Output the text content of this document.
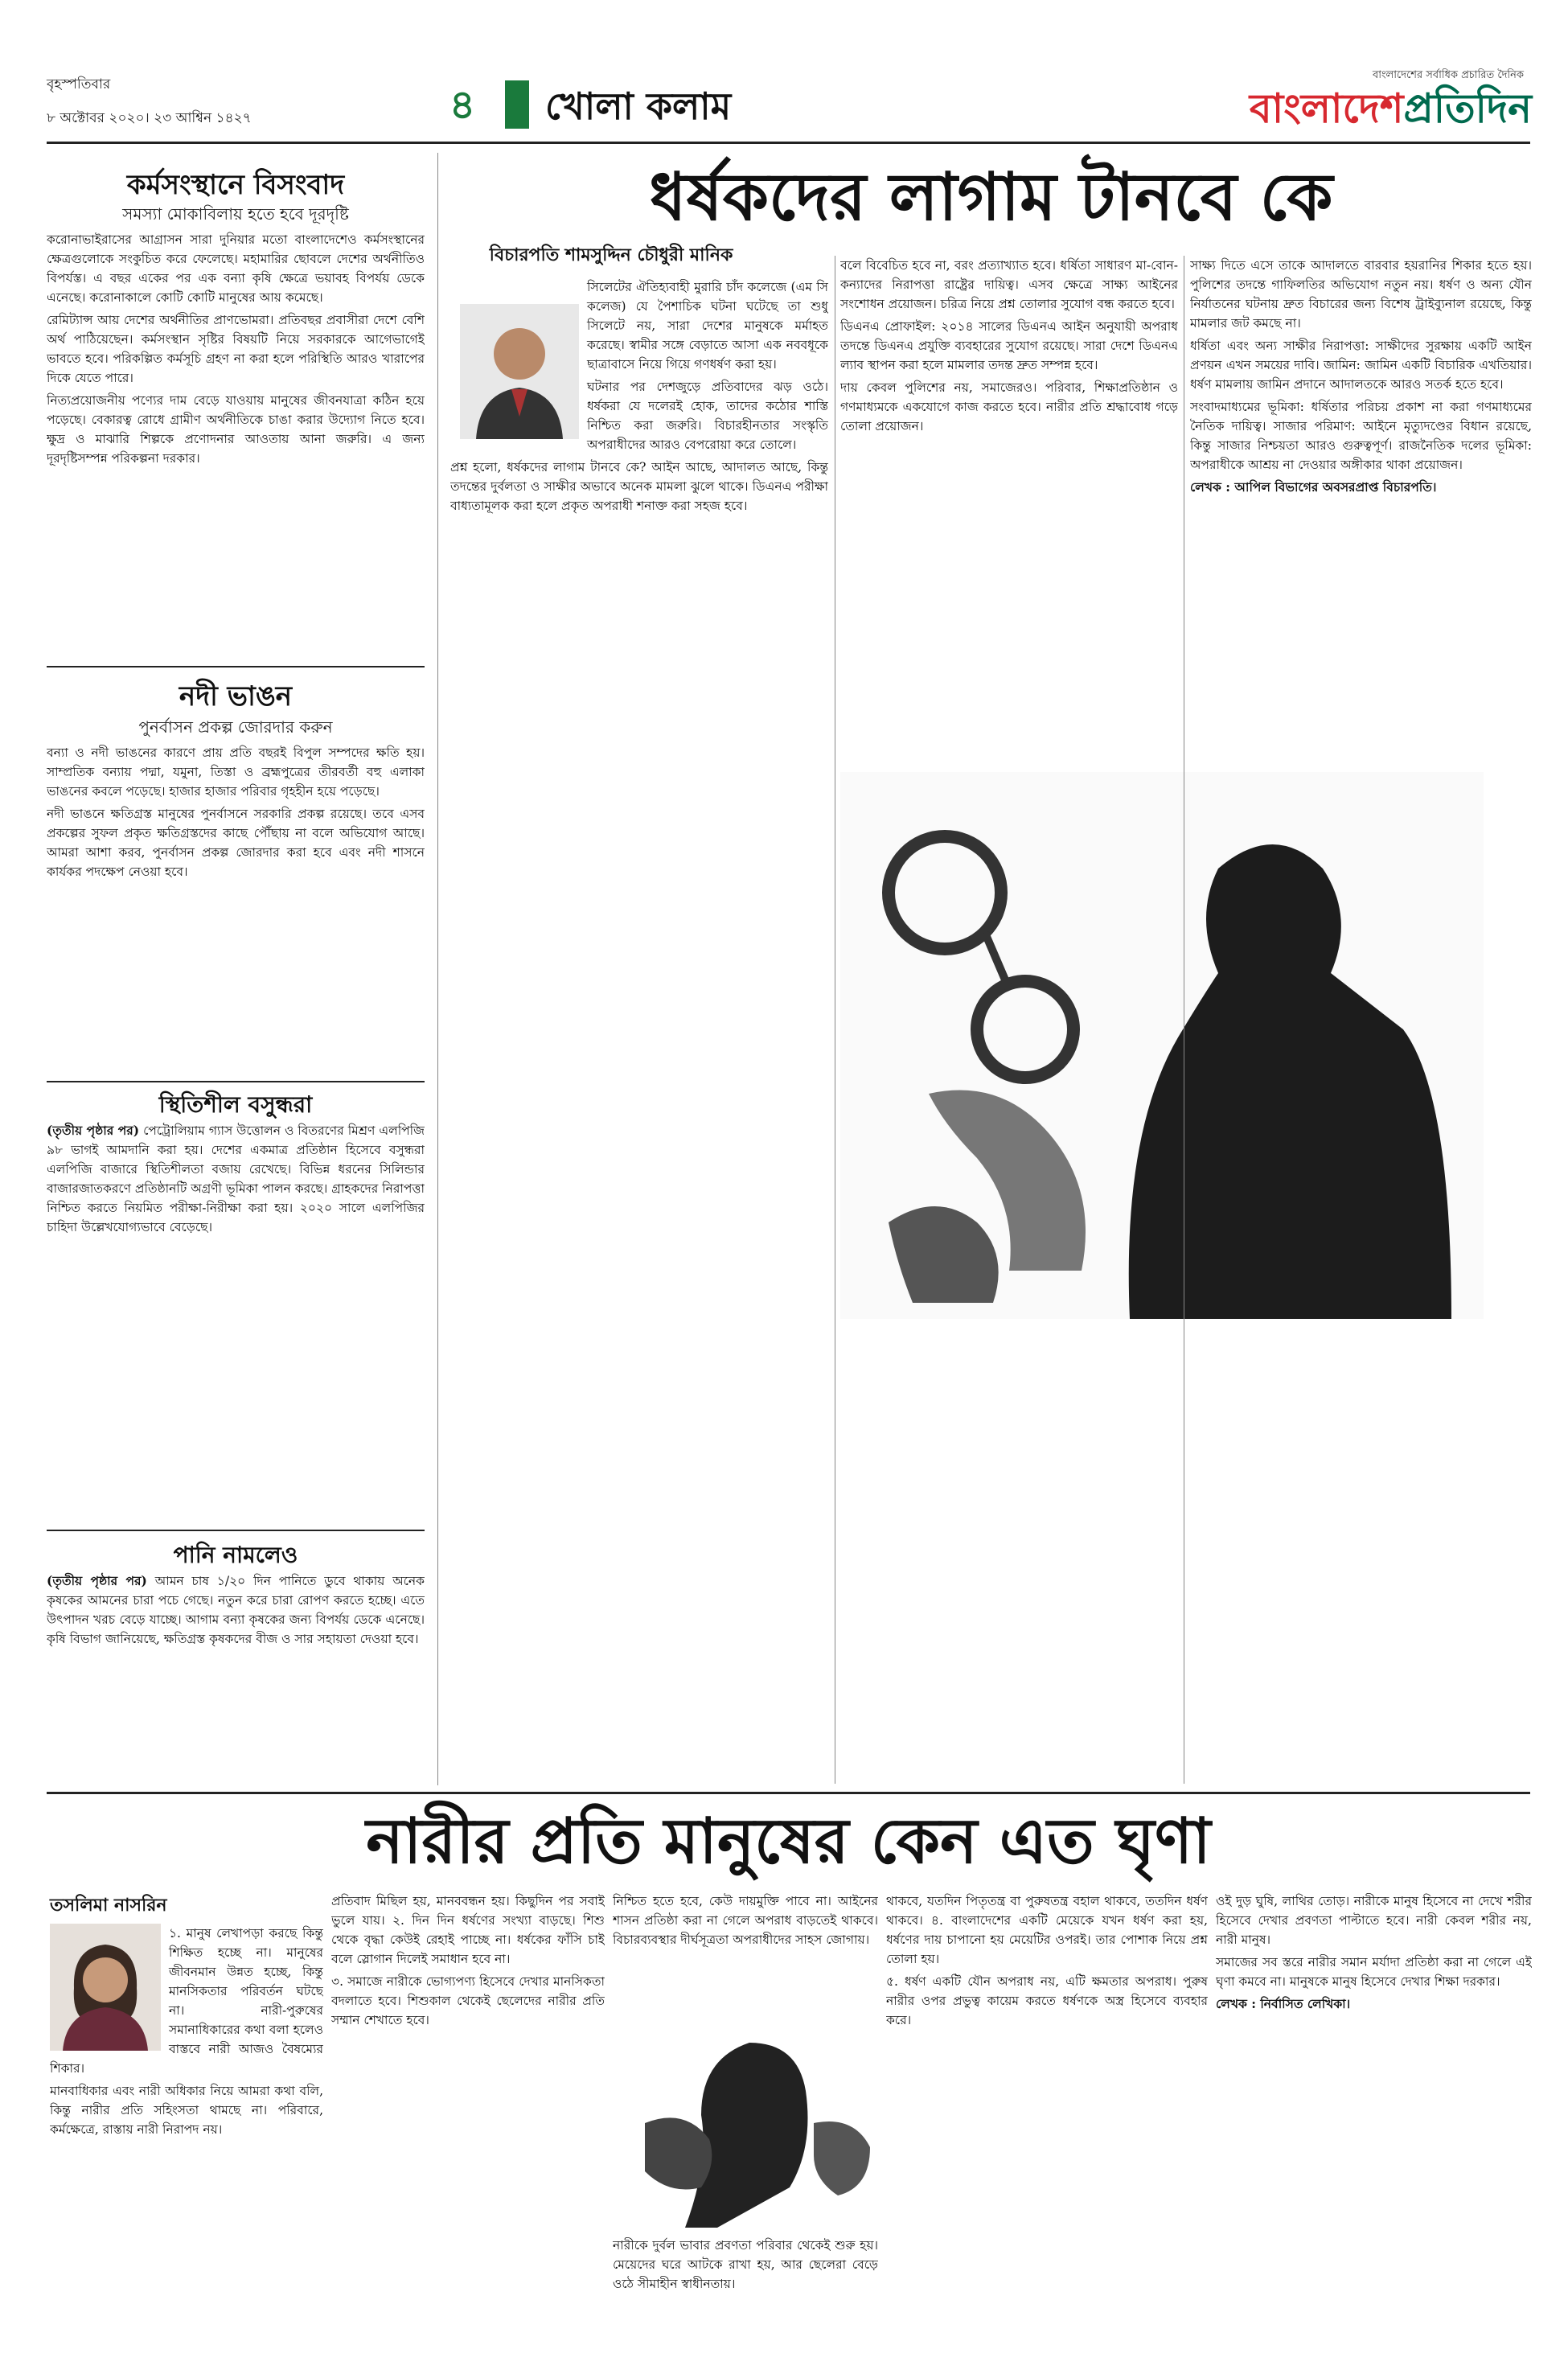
বৃহস্পতিবার
৮ অক্টোবর ২০২০। ২৩ আশ্বিন ১৪২৭	৪ খোলা কলাম
বাংলাদেশের সর্বাধিক প্রচারিত দৈনিক
বাংলাদেশপ্রতিদিন
কর্মসংস্থানে বিসংবাদ
সমস্যা মোকাবিলায় হতে হবে দূরদৃষ্টি

করোনাভাইরাসের আগ্রাসন সারা দুনিয়ার মতো বাংলাদেশেও কর্মসংস্থানের ক্ষেত্রগুলোকে সংকুচিত করে ফেলেছে। মহামারির ছোবলে দেশের অর্থনীতিও বিপর্যস্ত। এ বছর একের পর এক বন্যা কৃষি ক্ষেত্রে ভয়াবহ বিপর্যয় ডেকে এনেছে। করোনাকালে কোটি কোটি মানুষের আয় কমেছে।

রেমিট্যান্স আয় দেশের অর্থনীতির প্রাণভোমরা। প্রতিবছর প্রবাসীরা দেশে বেশি অর্থ পাঠিয়েছেন। কর্মসংস্থান সৃষ্টির বিষয়টি নিয়ে সরকারকে আগেভাগেই ভাবতে হবে। পরিকল্পিত কর্মসূচি গ্রহণ না করা হলে পরিস্থিতি আরও খারাপের দিকে যেতে পারে।

নিত্যপ্রয়োজনীয় পণ্যের দাম বেড়ে যাওয়ায় মানুষের জীবনযাত্রা কঠিন হয়ে পড়েছে। বেকারত্ব রোধে গ্রামীণ অর্থনীতিকে চাঙা করার উদ্যোগ নিতে হবে। ক্ষুদ্র ও মাঝারি শিল্পকে প্রণোদনার আওতায় আনা জরুরি। এ জন্য দূরদৃষ্টিসম্পন্ন পরিকল্পনা দরকার।

নদী ভাঙন
পুনর্বাসন প্রকল্প জোরদার করুন

বন্যা ও নদী ভাঙনের কারণে প্রায় প্রতি বছরই বিপুল সম্পদের ক্ষতি হয়। সাম্প্রতিক বন্যায় পদ্মা, যমুনা, তিস্তা ও ব্রহ্মপুত্রের তীরবর্তী বহু এলাকা ভাঙনের কবলে পড়েছে। হাজার হাজার পরিবার গৃহহীন হয়ে পড়েছে।

নদী ভাঙনে ক্ষতিগ্রস্ত মানুষের পুনর্বাসনে সরকারি প্রকল্প রয়েছে। তবে এসব প্রকল্পের সুফল প্রকৃত ক্ষতিগ্রস্তদের কাছে পৌঁছায় না বলে অভিযোগ আছে। আমরা আশা করব, পুনর্বাসন প্রকল্প জোরদার করা হবে এবং নদী শাসনে কার্যকর পদক্ষেপ নেওয়া হবে।

স্থিতিশীল বসুন্ধরা

(তৃতীয় পৃষ্ঠার পর) পেট্রোলিয়াম গ্যাস উত্তোলন ও বিতরণের মিশ্রণ এলপিজি ৯৮ ভাগই আমদানি করা হয়। দেশের একমাত্র প্রতিষ্ঠান হিসেবে বসুন্ধরা এলপিজি বাজারে স্থিতিশীলতা বজায় রেখেছে। বিভিন্ন ধরনের সিলিন্ডার বাজারজাতকরণে প্রতিষ্ঠানটি অগ্রণী ভূমিকা পালন করছে। গ্রাহকদের নিরাপত্তা নিশ্চিত করতে নিয়মিত পরীক্ষা-নিরীক্ষা করা হয়। ২০২০ সালে এলপিজির চাহিদা উল্লেখযোগ্যভাবে বেড়েছে।

পানি নামলেও

(তৃতীয় পৃষ্ঠার পর) আমন চাষ ১/২০ দিন পানিতে ডুবে থাকায় অনেক কৃষকের আমনের চারা পচে গেছে। নতুন করে চারা রোপণ করতে হচ্ছে। এতে উৎপাদন খরচ বেড়ে যাচ্ছে। আগাম বন্যা কৃষকের জন্য বিপর্যয় ডেকে এনেছে। কৃষি বিভাগ জানিয়েছে, ক্ষতিগ্রস্ত কৃষকদের বীজ ও সার সহায়তা দেওয়া হবে।

ধর্ষকদের লাগাম টানবে কে
বিচারপতি শামসুদ্দিন চৌধুরী মানিক

সিলেটের ঐতিহ্যবাহী মুরারি চাঁদ কলেজে (এম সি কলেজ) যে পৈশাচিক ঘটনা ঘটেছে তা শুধু সিলেটে নয়, সারা দেশের মানুষকে মর্মাহত করেছে। স্বামীর সঙ্গে বেড়াতে আসা এক নববধূকে ছাত্রাবাসে নিয়ে গিয়ে গণধর্ষণ করা হয়।

ঘটনার পর দেশজুড়ে প্রতিবাদের ঝড় ওঠে। ধর্ষকরা যে দলেরই হোক, তাদের কঠোর শাস্তি নিশ্চিত করা জরুরি। বিচারহীনতার সংস্কৃতি অপরাধীদের আরও বেপরোয়া করে তোলে।

প্রশ্ন হলো, ধর্ষকদের লাগাম টানবে কে? আইন আছে, আদালত আছে, কিন্তু তদন্তের দুর্বলতা ও সাক্ষীর অভাবে অনেক মামলা ঝুলে থাকে। ডিএনএ পরীক্ষা বাধ্যতামূলক করা হলে প্রকৃত অপরাধী শনাক্ত করা সহজ হবে।

বলে বিবেচিত হবে না, বরং প্রত্যাখ্যাত হবে। ধর্ষিতা সাধারণ মা-বোন-কন্যাদের নিরাপত্তা রাষ্ট্রের দায়িত্ব। এসব ক্ষেত্রে সাক্ষ্য আইনের সংশোধন প্রয়োজন। চরিত্র নিয়ে প্রশ্ন তোলার সুযোগ বন্ধ করতে হবে।

ডিএনএ প্রোফাইল: ২০১৪ সালের ডিএনএ আইন অনুযায়ী অপরাধ তদন্তে ডিএনএ প্রযুক্তি ব্যবহারের সুযোগ রয়েছে। সারা দেশে ডিএনএ ল্যাব স্থাপন করা হলে মামলার তদন্ত দ্রুত সম্পন্ন হবে।

দায় কেবল পুলিশের নয়, সমাজেরও। পরিবার, শিক্ষাপ্রতিষ্ঠান ও গণমাধ্যমকে একযোগে কাজ করতে হবে। নারীর প্রতি শ্রদ্ধাবোধ গড়ে তোলা প্রয়োজন।

সাক্ষ্য দিতে এসে তাকে আদালতে বারবার হয়রানির শিকার হতে হয়। পুলিশের তদন্তে গাফিলতির অভিযোগ নতুন নয়। ধর্ষণ ও অন্য যৌন নির্যাতনের ঘটনায় দ্রুত বিচারের জন্য বিশেষ ট্রাইব্যুনাল রয়েছে, কিন্তু মামলার জট কমছে না।

ধর্ষিতা এবং অন্য সাক্ষীর নিরাপত্তা: সাক্ষীদের সুরক্ষায় একটি আইন প্রণয়ন এখন সময়ের দাবি। জামিন: জামিন একটি বিচারিক এখতিয়ার। ধর্ষণ মামলায় জামিন প্রদানে আদালতকে আরও সতর্ক হতে হবে।

সংবাদমাধ্যমের ভূমিকা: ধর্ষিতার পরিচয় প্রকাশ না করা গণমাধ্যমের নৈতিক দায়িত্ব। সাজার পরিমাণ: আইনে মৃত্যুদণ্ডের বিধান রয়েছে, কিন্তু সাজার নিশ্চয়তা আরও গুরুত্বপূর্ণ। রাজনৈতিক দলের ভূমিকা: অপরাধীকে আশ্রয় না দেওয়ার অঙ্গীকার থাকা প্রয়োজন।

লেখক : আপিল বিভাগের অবসরপ্রাপ্ত বিচারপতি।

নারীর প্রতি মানুষের কেন এত ঘৃণা
তসলিমা নাসরিন

১. মানুষ লেখাপড়া করছে কিন্তু শিক্ষিত হচ্ছে না। মানুষের জীবনমান উন্নত হচ্ছে, কিন্তু মানসিকতার পরিবর্তন ঘটছে না। নারী-পুরুষের সমানাধিকারের কথা বলা হলেও বাস্তবে নারী আজও বৈষম্যের শিকার।

মানবাধিকার এবং নারী অধিকার নিয়ে আমরা কথা বলি, কিন্তু নারীর প্রতি সহিংসতা থামছে না। পরিবারে, কর্মক্ষেত্রে, রাস্তায় নারী নিরাপদ নয়।

প্রতিবাদ মিছিল হয়, মানববন্ধন হয়। কিছুদিন পর সবাই ভুলে যায়। ২. দিন দিন ধর্ষণের সংখ্যা বাড়ছে। শিশু থেকে বৃদ্ধা কেউই রেহাই পাচ্ছে না। ধর্ষকের ফাঁসি চাই বলে স্লোগান দিলেই সমাধান হবে না।

৩. সমাজে নারীকে ভোগ্যপণ্য হিসেবে দেখার মানসিকতা বদলাতে হবে। শিশুকাল থেকেই ছেলেদের নারীর প্রতি সম্মান শেখাতে হবে।

নিশ্চিত হতে হবে, কেউ দায়মুক্তি পাবে না। আইনের শাসন প্রতিষ্ঠা করা না গেলে অপরাধ বাড়তেই থাকবে। বিচারব্যবস্থার দীর্ঘসূত্রতা অপরাধীদের সাহস জোগায়।

নারীকে দুর্বল ভাবার প্রবণতা পরিবার থেকেই শুরু হয়। মেয়েদের ঘরে আটকে রাখা হয়, আর ছেলেরা বেড়ে ওঠে সীমাহীন স্বাধীনতায়।

থাকবে, যতদিন পিতৃতন্ত্র বা পুরুষতন্ত্র বহাল থাকবে, ততদিন ধর্ষণ থাকবে। ৪. বাংলাদেশের একটি মেয়েকে যখন ধর্ষণ করা হয়, ধর্ষণের দায় চাপানো হয় মেয়েটির ওপরই। তার পোশাক নিয়ে প্রশ্ন তোলা হয়।

৫. ধর্ষণ একটি যৌন অপরাধ নয়, এটি ক্ষমতার অপরাধ। পুরুষ নারীর ওপর প্রভুত্ব কায়েম করতে ধর্ষণকে অস্ত্র হিসেবে ব্যবহার করে।

ওই দুড় ঘুষি, লাথির তোড়। নারীকে মানুষ হিসেবে না দেখে শরীর হিসেবে দেখার প্রবণতা পাল্টাতে হবে। নারী কেবল শরীর নয়, নারী মানুষ।

সমাজের সব স্তরে নারীর সমান মর্যাদা প্রতিষ্ঠা করা না গেলে এই ঘৃণা কমবে না। মানুষকে মানুষ হিসেবে দেখার শিক্ষা দরকার।

লেখক : নির্বাসিত লেখিকা।
